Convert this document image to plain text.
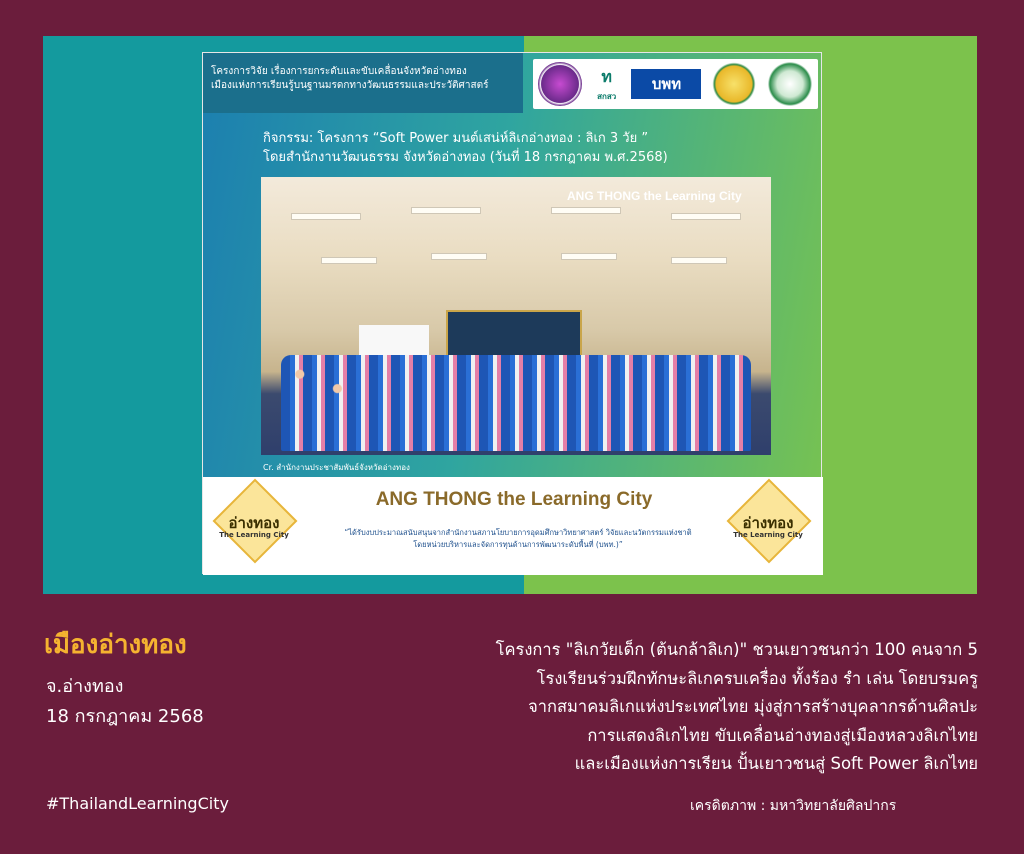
โครงการวิจัย เรื่องการยกระดับและขับเคลื่อนจังหวัดอ่างทอง
เมืองแห่งการเรียนรู้บนฐานมรดกทางวัฒนธรรมและประวัติศาสตร์	ท
สกสว
บพท
กิจกรรม: โครงการ “Soft Power มนต์เสน่ห์ลิเกอ่างทอง : ลิเก 3 วัย ”
โดยสำนักงานวัฒนธรรม จังหวัดอ่างทอง (วันที่ 18 กรกฎาคม พ.ศ.2568)
ANG THONG the Learning City
Cr. สำนักงานประชาสัมพันธ์จังหวัดอ่างทอง
อ่างทอง
The Learning City
ANG THONG the Learning City
“ได้รับงบประมาณสนับสนุนจากสำนักงานสภานโยบายการอุดมศึกษาวิทยาศาสตร์ วิจัยและนวัตกรรมแห่งชาติ
โดยหน่วยบริหารและจัดการทุนด้านการพัฒนาระดับพื้นที่ (บพท.)”
อ่างทอง
The Learning City
เมืองอ่างทอง
จ.อ่างทอง
18 กรกฎาคม 2568
โครงการ "ลิเกวัยเด็ก (ต้นกล้าลิเก)" ชวนเยาวชนกว่า 100 คนจาก 5
โรงเรียนร่วมฝึกทักษะลิเกครบเครื่อง ทั้งร้อง รำ เล่น โดยบรมครู
จากสมาคมลิเกแห่งประเทศไทย มุ่งสู่การสร้างบุคลากรด้านศิลปะ
การแสดงลิเกไทย ขับเคลื่อนอ่างทองสู่เมืองหลวงลิเกไทย
และเมืองแห่งการเรียน ปั้นเยาวชนสู่ Soft Power ลิเกไทย
#ThailandLearningCity	เครดิตภาพ : มหาวิทยาลัยศิลปากร
